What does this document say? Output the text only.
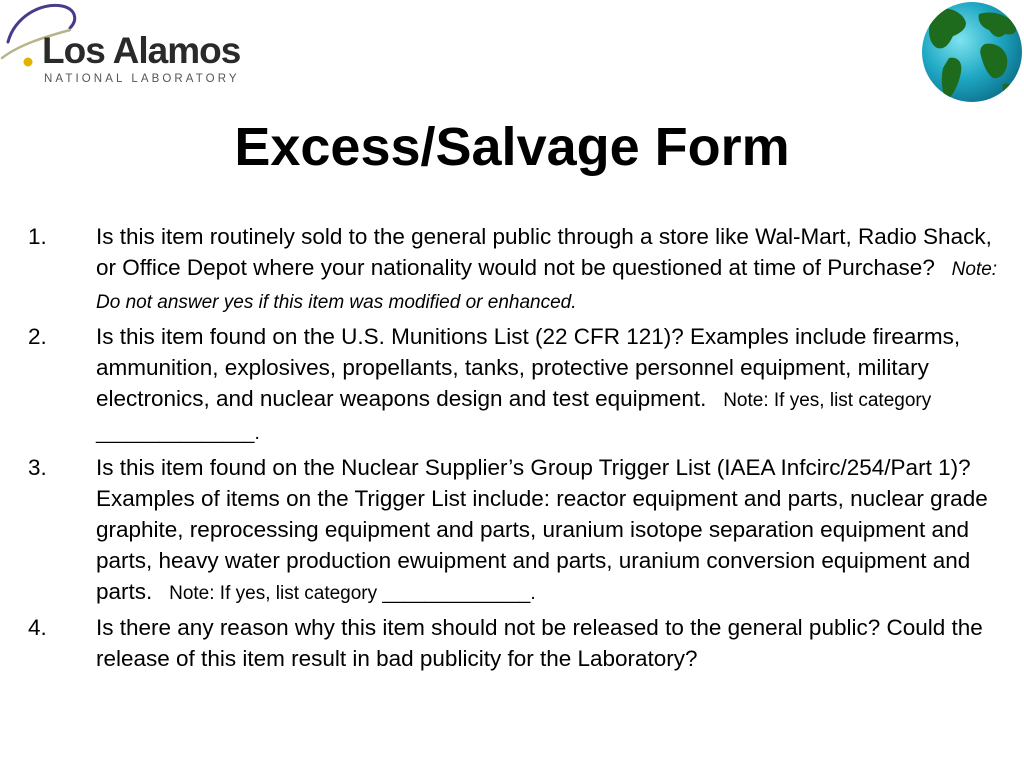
Los Alamos
NATIONAL LABORATORY
Excess/Salvage Form
1.	Is this item routinely sold to the general public through a store like Wal-Mart, Radio Shack, or Office Depot where your nationality would not be questioned at time of Purchase?   Note: Do not answer yes if this item was modified or enhanced.
2.	Is this item found on the U.S. Munitions List (22 CFR 121)? Examples include firearms, ammunition, explosives, propellants, tanks, protective personnel equipment, military electronics, and nuclear weapons design and test equipment.   Note: If yes, list category _______________.
3.	Is this item found on the Nuclear Supplier’s Group Trigger List (IAEA Infcirc/254/Part 1)? Examples of items on the Trigger List include: reactor equipment and parts, nuclear grade graphite, reprocessing equipment and parts, uranium isotope separation equipment and parts, heavy water production ewuipment and parts, uranium conversion equipment and parts.   Note: If yes, list category ______________.
4.	Is there any reason why this item should not be released to the general public? Could the release of this item result in bad publicity for the Laboratory?
